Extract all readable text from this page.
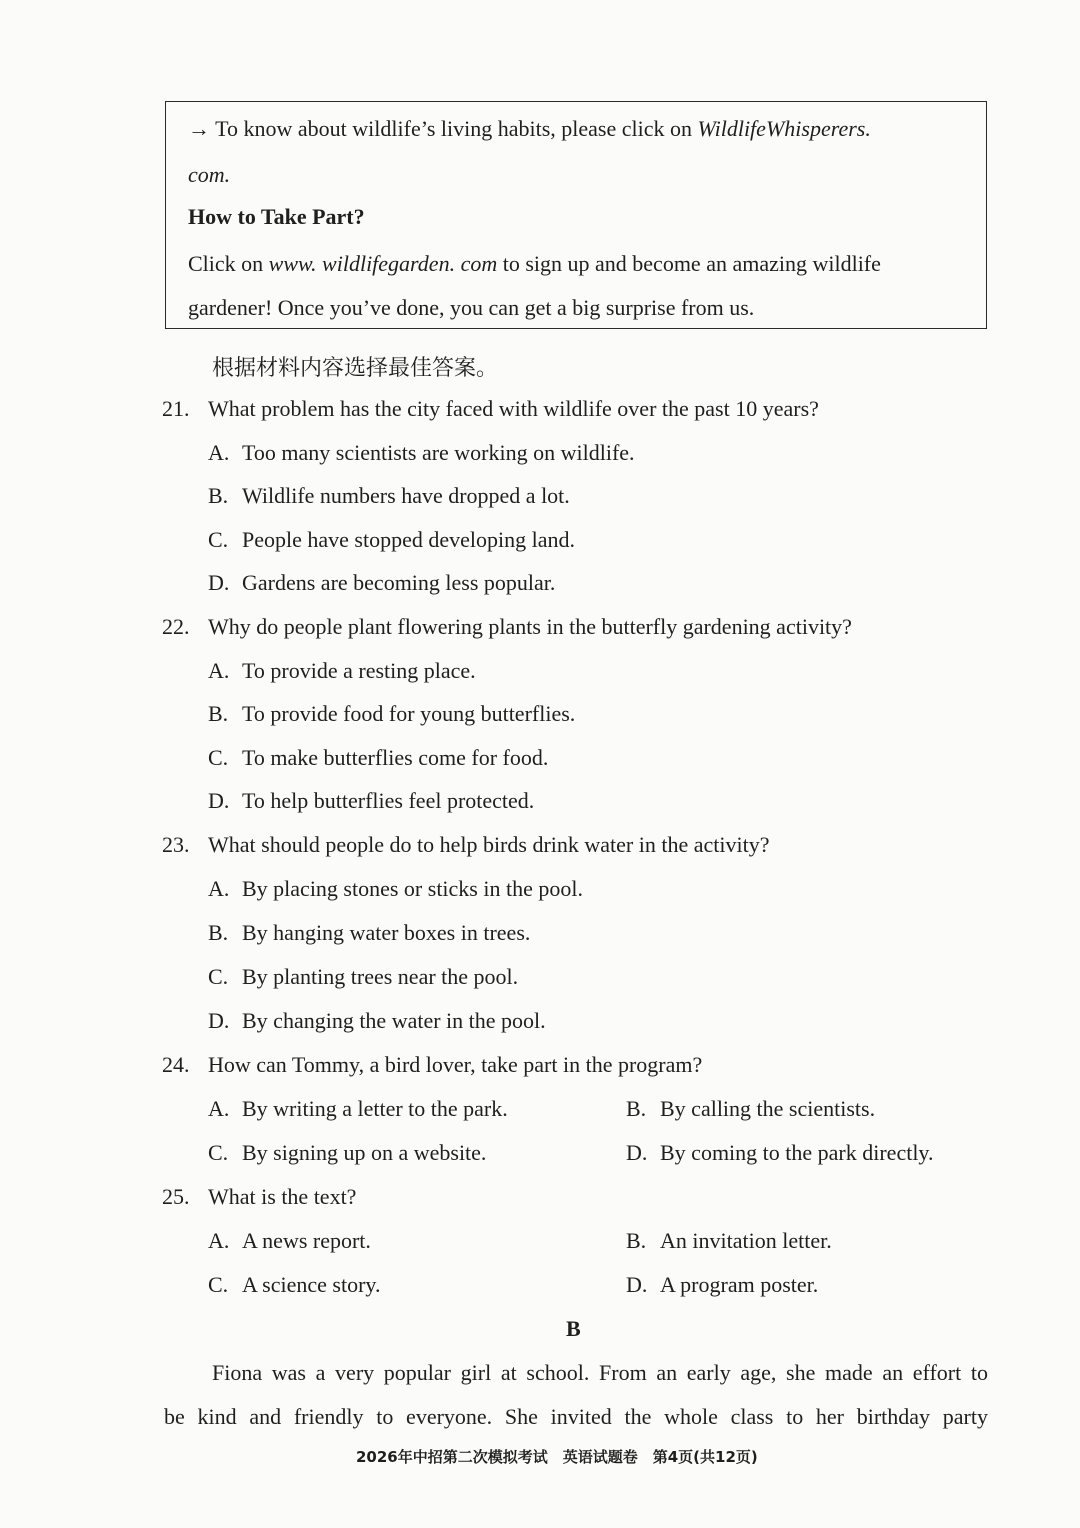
→ To know about wildlife’s living habits, please click on WildlifeWhisperers.
com.
How to Take Part?
Click on www. wildlifegarden. com to sign up and become an amazing wildlife
gardener! Once you’ve done, you can get a big surprise from us.
根据材料内容选择最佳答案。
21. What problem has the city faced with wildlife over the past 10 years?
A. Too many scientists are working on wildlife.
B. Wildlife numbers have dropped a lot.
C. People have stopped developing land.
D. Gardens are becoming less popular.
22. Why do people plant flowering plants in the butterfly gardening activity?
A. To provide a resting place.
B. To provide food for young butterflies.
C. To make butterflies come for food.
D. To help butterflies feel protected.
23. What should people do to help birds drink water in the activity?
A. By placing stones or sticks in the pool.
B. By hanging water boxes in trees.
C. By planting trees near the pool.
D. By changing the water in the pool.
24. How can Tommy, a bird lover, take part in the program?
A. By writing a letter to the park.	B. By calling the scientists.
C. By signing up on a website.	D. By coming to the park directly.
25. What is the text?
A. A news report.	B. An invitation letter.
C. A science story.	D. A program poster.
B
Fiona was a very popular girl at school. From an early age, she made an effort to
be kind and friendly to everyone. She invited the whole class to her birthday party
2026年中招第二次模拟考试　英语试题卷　第4页(共12页)
